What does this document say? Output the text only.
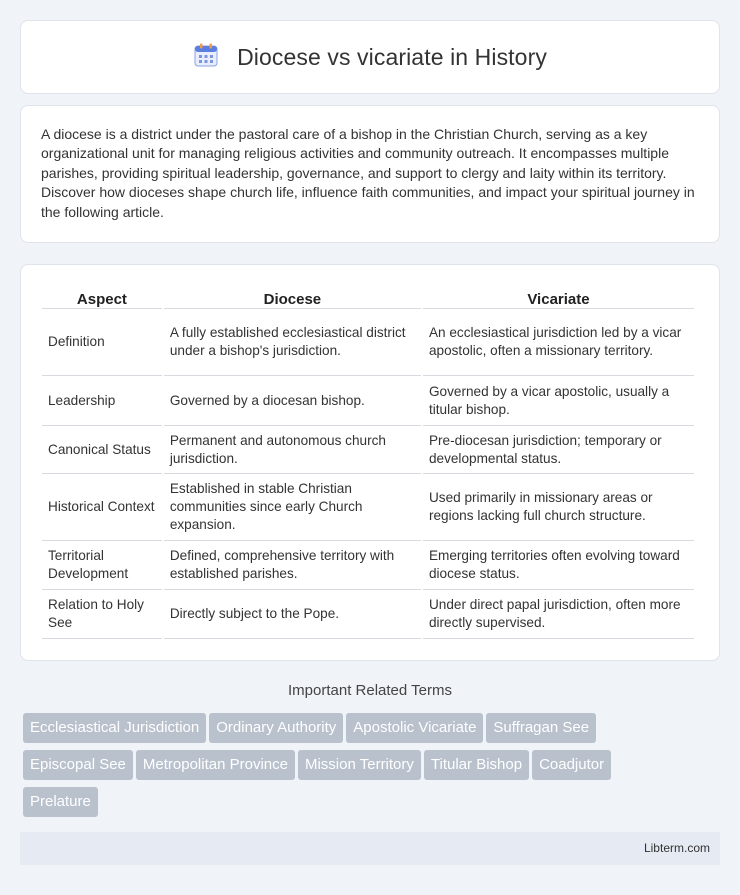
Diocese vs vicariate in History

A diocese is a district under the pastoral care of a bishop in the Christian Church, serving as a key organizational unit for managing religious activities and community outreach. It encompasses multiple parishes, providing spiritual leadership, governance, and support to clergy and laity within its territory. Discover how dioceses shape church life, influence faith communities, and impact your spiritual journey in the following article.

Aspect	Diocese	Vicariate
Definition	A fully established ecclesiastical district under a bishop's jurisdiction.	An ecclesiastical jurisdiction led by a vicar apostolic, often a missionary territory.
Leadership	Governed by a diocesan bishop.	Governed by a vicar apostolic, usually a titular bishop.
Canonical Status	Permanent and autonomous church jurisdiction.	Pre-diocesan jurisdiction; temporary or developmental status.
Historical Context	Established in stable Christian communities since early Church expansion.	Used primarily in missionary areas or regions lacking full church structure.
Territorial Development	Defined, comprehensive territory with established parishes.	Emerging territories often evolving toward diocese status.
Relation to Holy See	Directly subject to the Pope.	Under direct papal jurisdiction, often more directly supervised.
Important Related Terms
Ecclesiastical Jurisdiction Ordinary Authority Apostolic Vicariate Suffragan See
Episcopal See Metropolitan Province Mission Territory Titular Bishop Coadjutor
Prelature
Libterm.com
